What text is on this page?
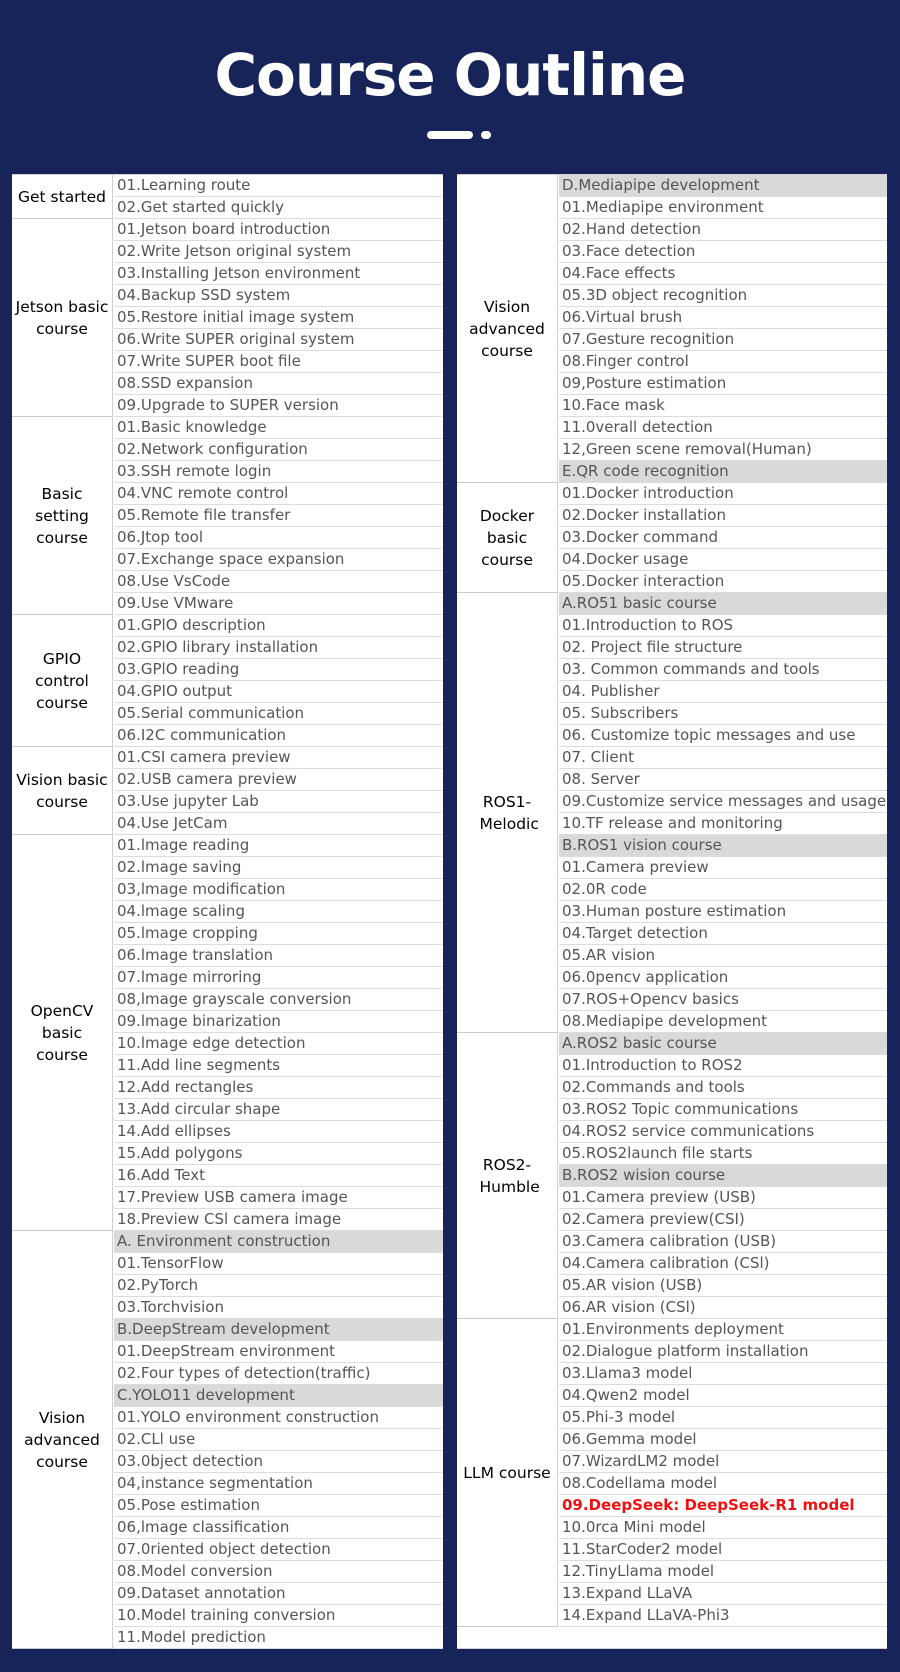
Course Outline
Get started
01.Learning route
02.Get started quickly
Jetson basic course
01.Jetson board introduction
02.Write Jetson original system
03.Installing Jetson environment
04.Backup SSD system
05.Restore initial image system
06.Write SUPER original system
07.Write SUPER boot file
08.SSD expansion
09.Upgrade to SUPER version
Basic setting course
01.Basic knowledge
02.Network configuration
03.SSH remote login
04.VNC remote control
05.Remote file transfer
06.Jtop tool
07.Exchange space expansion
08.Use VsCode
09.Use VMware
GPIO control course
01.GPlO description
02.GPlO library installation
03.GPlO reading
04.GPIO output
05.Serial communication
06.I2C communication
Vision basic course
01.CSI camera preview
02.USB camera preview
03.Use jupyter Lab
04.Use JetCam
OpenCV basic course
01.lmage reading
02.lmage saving
03,lmage modification
04.lmage scaling
05.lmage cropping
06.lmage translation
07.lmage mirroring
08,lmage grayscale conversion
09.lmage binarization
10.lmage edge detection
11.Add line segments
12.Add rectangles
13.Add circular shape
14.Add ellipses
15.Add polygons
16.Add Text
17.Preview USB camera image
18.Preview CSl camera image
Vision advanced course
A. Environment construction
01.TensorFlow
02.PyTorch
03.Torchvision
B.DeepStream development
01.DeepStream environment
02.Four types of detection(traffic)
C.YOLO11 development
01.YOLO environment construction
02.CLl use
03.0bject detection
04,instance segmentation
05.Pose estimation
06,lmage classification
07.0riented object detection
08.Model conversion
09.Dataset annotation
10.Model training conversion
11.Model prediction
Vision advanced course
D.Mediapipe development
01.Mediapipe environment
02.Hand detection
03.Face detection
04.Face effects
05.3D object recognition
06.Virtual brush
07.Gesture recognition
08.Finger control
09,Posture estimation
10.Face mask
11.0verall detection
12,Green scene removal(Human)
E.QR code recognition
Docker basic course
01.Docker introduction
02.Docker installation
03.Docker command
04.Docker usage
05.Docker interaction
ROS1-Melodic
A.RO51 basic course
01.Introduction to ROS
02. Project file structure
03. Common commands and tools
04. Publisher
05. Subscribers
06. Customize topic messages and use
07. Client
08. Server
09.Customize service messages and usage
10.TF release and monitoring
B.ROS1 vision course
01.Camera preview
02.0R code
03.Human posture estimation
04.Target detection
05.AR vision
06.0pencv application
07.ROS+Opencv basics
08.Mediapipe development
ROS2-Humble
A.ROS2 basic course
01.Introduction to ROS2
02.Commands and tools
03.ROS2 Topic communications
04.ROS2 service communications
05.ROS2launch file starts
B.ROS2 wision course
01.Camera preview (USB)
02.Camera preview(CSI)
03.Camera calibration (USB)
04.Camera calibration (CSl)
05.AR vision (USB)
06.AR vision (CSl)
LLM course
01.Environments deployment
02.Dialogue platform installation
03.Llama3 model
04.Qwen2 model
05.Phi-3 model
06.Gemma model
07.WizardLM2 model
08.Codellama model
09.DeepSeek: DeepSeek-R1 model
10.0rca Mini model
11.StarCoder2 model
12.TinyLlama model
13.Expand LLaVA
14.Expand LLaVA-Phi3
